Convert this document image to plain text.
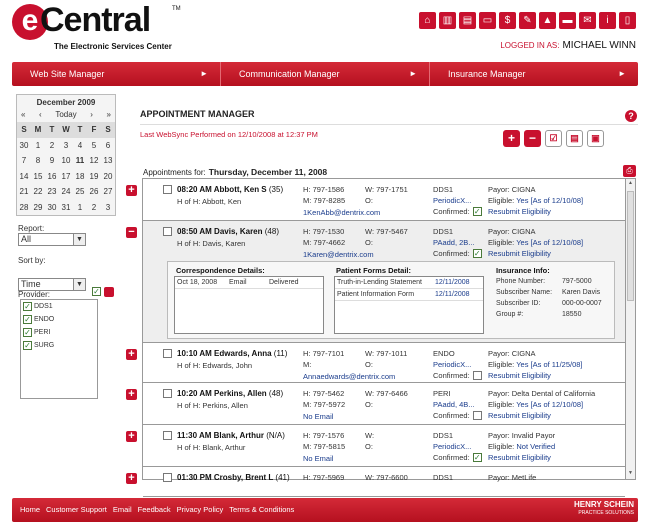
e Central	TM
The Electronic Services Center
⌂	▥	▤	▭	$	✎	▲	▬	✉	i	▯
LOGGED IN AS: MICHAEL WINN
Web Site Manager	►	Communication Manager	►	Insurance Manager	►
December 2009
« ‹ Today › »
S M	T W T	F	S
30 1	2	3	4	5	6
7	8	9 10 11 12 13
14 15 16 17 18 19 20
21 22 23 24 25 26 27
28 29 30 31 1	2	3
Report:
All	▼
Sort by:
Time	▼
Provider:	✓
✓ DDS1
✓ ENDO
✓ PERI
✓ SURG
APPOINTMENT MANAGER	?
Last WebSync Performed on 12/10/2008 at 12:37 PM	+	−	☑	▤	▣
Appointments for: Thursday, December 11, 2008	⎙
+	08:20 AM Abbott, Ken S (35)
H of H: Abbott, Ken
H: 797-1586
M: 797-8285
1KenAbb@dentrix.com
W: 797-1751
O:
DDS1
PeriodicX...
Confirmed: ✓
Payor: CIGNA
Eligible: Yes [As of 12/10/08]
Resubmit Eligibility
−	08:50 AM Davis, Karen (48)
H of H: Davis, Karen
H: 797-1530
M: 797-4662
1Karen@dentrix.com
W: 797-5467
O:
DDS1
PAadd, 2B...
Confirmed: ✓
Payor: CIGNA
Eligible: Yes [As of 12/10/08]
Resubmit Eligibility
Correspondence Details:
Oct 18, 2008	Email	Delivered
Patient Forms Detail:
Truth-in-Lending Statement	12/11/2008
Patient Information Form	12/11/2008
Insurance Info:
Phone Number: 797-5000
Subscriber Name: Karen Davis
Subscriber ID:	000-00-0007
Group #:	18550
+	10:10 AM Edwards, Anna (11)
H of H: Edwards, John
H: 797-7101
M:
Annaedwards@dentrix.com
W: 797-1011
O:
ENDO
PeriodicX...
Confirmed:
Payor: CIGNA
Eligible: Yes [As of 11/25/08]
Resubmit Eligibility
+	10:20 AM Perkins, Allen (48)
H of H: Perkins, Allen
H: 797-5462
M: 797-5972
No Email
W: 797-6466
O:
PERI
PAadd, 4B...
Confirmed:
Payor: Delta Dental of California
Eligible: Yes [As of 12/10/08]
Resubmit Eligibility
+	11:30 AM Blank, Arthur (N/A)
H of H: Blank, Arthur
H: 797-1576
M: 797-5815
No Email
W:
O:
DDS1
PeriodicX...
Confirmed: ✓
Payor: Invalid Payor
Eligible: Not Verified
Resubmit Eligibility
+	01:30 PM Crosby, Brent L (41) H: 797-5969	W: 797-6600	DDS1	Payor: MetLife
▲
▼
Home Customer Support Email Feedback Privacy Policy Terms & Conditions
HENRY SCHEIN
PRACTICE SOLUTIONS
